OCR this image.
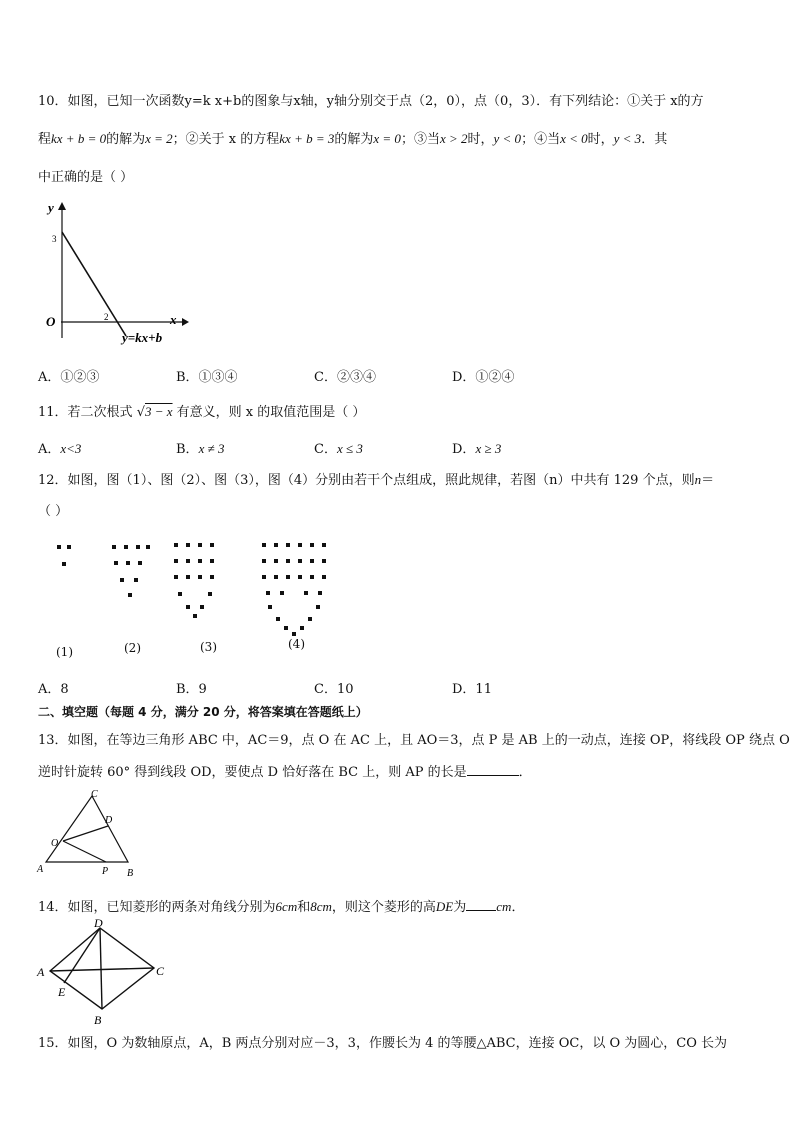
10．如图，已知一次函数y=k x+b的图象与x轴，y轴分别交于点（2，0），点（0，3）．有下列结论：①关于 x的方
程kx + b = 0的解为x = 2；②关于 x 的方程kx + b = 3的解为x = 0；③当x > 2时，y < 0；④当x < 0时，y < 3．其
中正确的是（ ）
y
x
O
3
2
y=kx+b
A．①②③	B．①③④	C．②③④	D．①②④
11．若二次根式 √3 − x 有意义，则 x 的取值范围是（ ）
A．x<3	B．x ≠ 3	C．x ≤ 3	D．x ≥ 3
12．如图，图（1）、图（2）、图（3），图（4）分别由若干个点组成，照此规律，若图（n）中共有 129 个点，则n＝
（ ）
(1)	(2)	(3)	(4)
A．8	B．9	C．10	D．11
二、填空题（每题 4 分，满分 20 分，将答案填在答题纸上）
13．如图，在等边三角形 ABC 中，AC＝9，点 O 在 AC 上，且 AO＝3，点 P 是 AB 上的一动点，连接 OP，将线段 OP 绕点 O
逆时针旋转 60° 得到线段 OD，要使点 D 恰好落在 BC 上，则 AP 的长是	．
A	B
C
O
D
P
14．如图，已知菱形的两条对角线分别为6cm和8cm，则这个菱形的高DE为 cm．
A
B
C
D
E
15．如图，O 为数轴原点，A，B 两点分别对应－3，3，作腰长为 4 的等腰△ABC，连接 OC，以 O 为圆心，CO 长为
